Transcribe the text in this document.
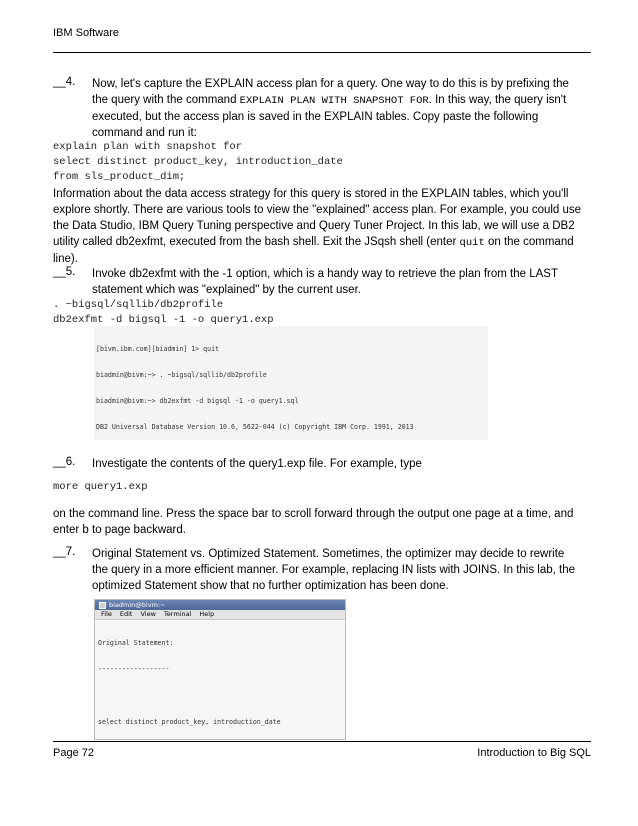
IBM Software
__4. Now, let's capture the EXPLAIN access plan for a query. One way to do this is by prefixing the
the query with the command EXPLAIN PLAN WITH SNAPSHOT FOR. In this way, the query isn't
executed, but the access plan is saved in the EXPLAIN tables. Copy paste the following
command and run it:
explain plan with snapshot for
select distinct product_key, introduction_date
from sls_product_dim;
Information about the data access strategy for this query is stored in the EXPLAIN tables, which you'll
explore shortly. There are various tools to view the "explained" access plan. For example, you could use
the Data Studio, IBM Query Tuning perspective and Query Tuner Project. In this lab, we will use a DB2
utility called db2exfmt, executed from the bash shell. Exit the JSqsh shell (enter quit on the command
line).
__5. Invoke db2exfmt with the -1 option, which is a handy way to retrieve the plan from the LAST
statement which was "explained" by the current user.
. ~bigsql/sqllib/db2profile
db2exfmt -d bigsql -1 -o query1.exp

[bivm.ibm.com][biadmin] 1> quit

biadmin@bivm:~> . ~bigsql/sqllib/db2profile

biadmin@bivm:~> db2exfmt -d bigsql -1 -o query1.sql

DB2 Universal Database Version 10.6, 5622-044 (c) Copyright IBM Corp. 1991, 2013

__6. Investigate the contents of the query1.exp file. For example, type
more query1.exp
on the command line. Press the space bar to scroll forward through the output one page at a time, and
enter b to page backward.
__7. Original Statement vs. Optimized Statement. Sometimes, the optimizer may decide to rewrite
the query in a more efficient manner. For example, replacing IN lists with JOINS. In this lab, the
optimized Statement show that no further optimization has been done.
biadmin@bivm:~
File Edit View Terminal Help

Original Statement:

------------------

select distinct product_key, introduction_date

Page 72	Introduction to Big SQL
